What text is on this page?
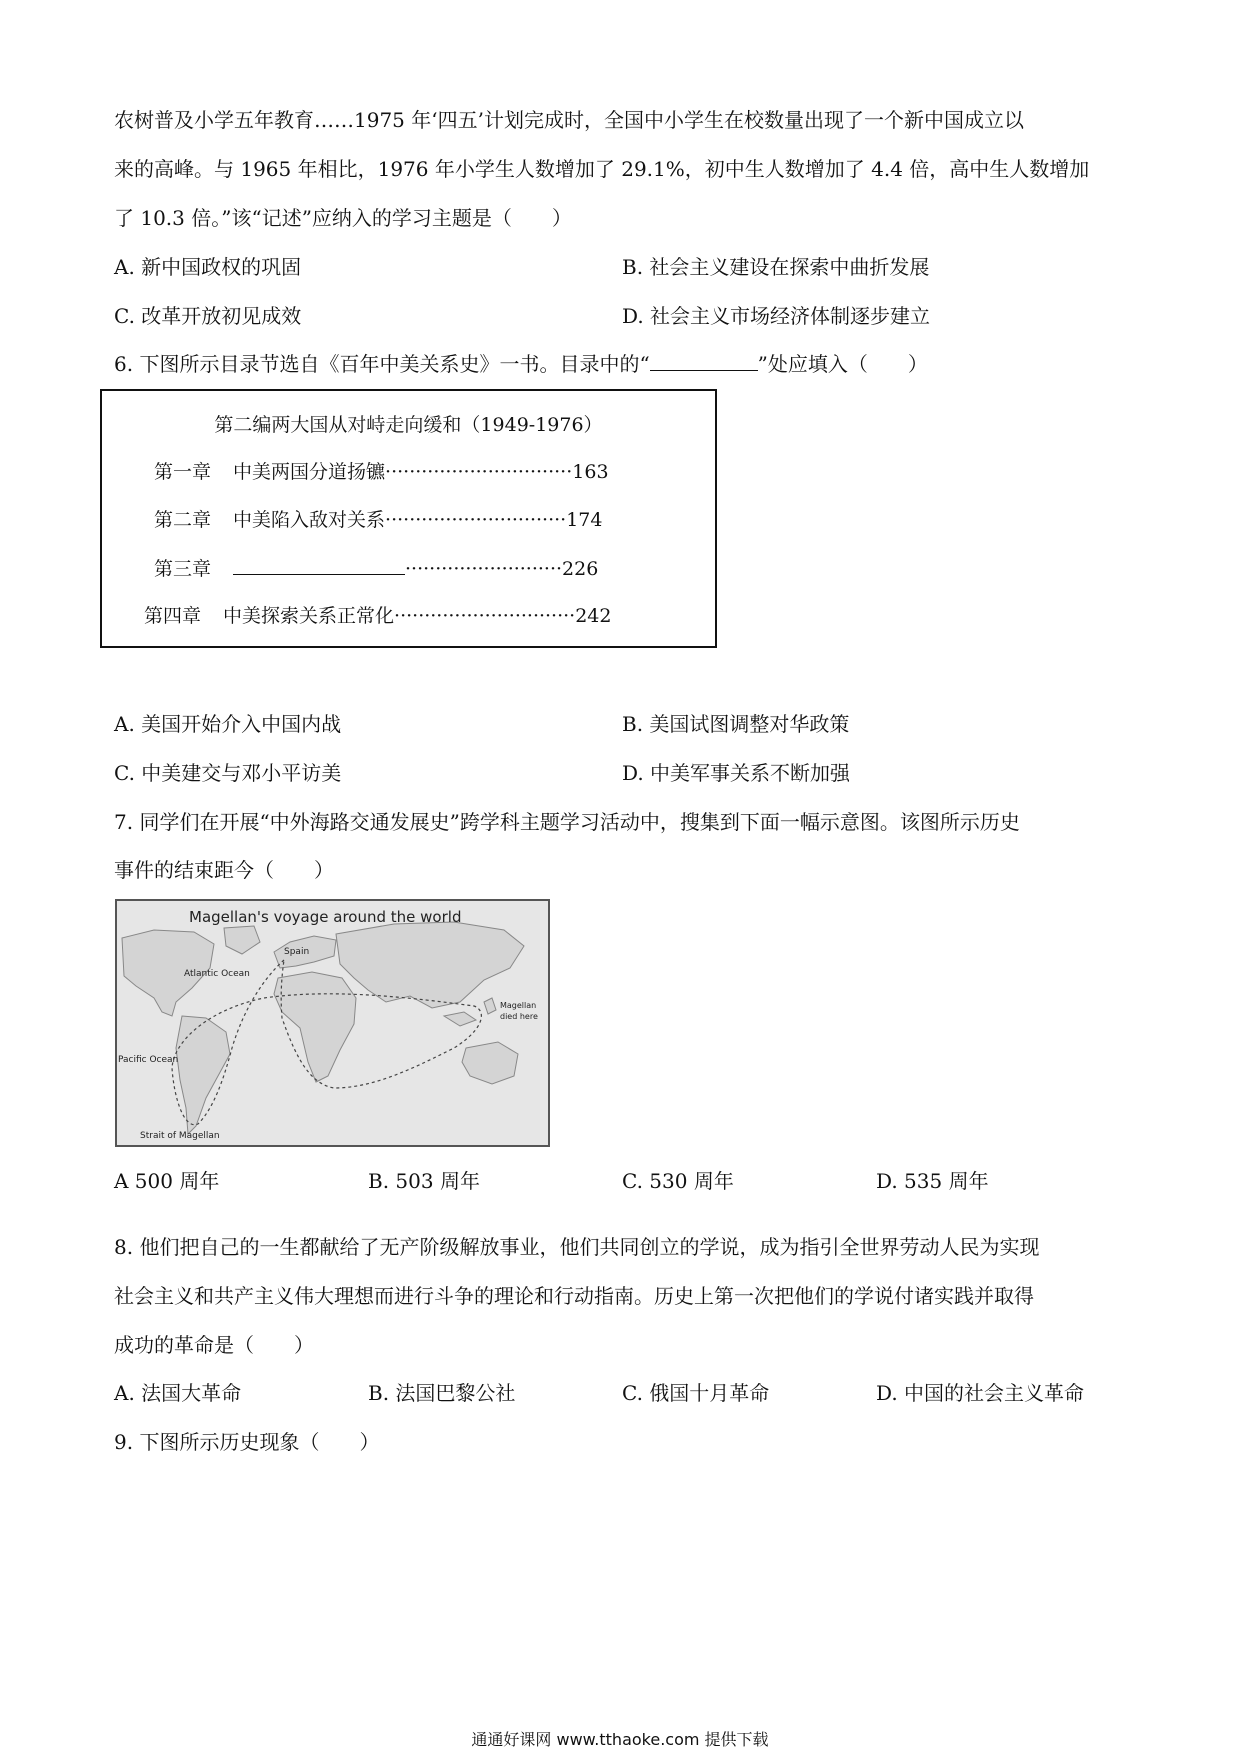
农树普及小学五年教育……1975 年‘四五’计划完成时，全国中小学生在校数量出现了一个新中国成立以
来的高峰。与 1965 年相比，1976 年小学生人数增加了 29.1%，初中生人数增加了 4.4 倍，高中生人数增加
了 10.3 倍。”该“记述”应纳入的学习主题是（　　）
A. 新中国政权的巩固	B. 社会主义建设在探索中曲折发展
C. 改革开放初见成效	D. 社会主义市场经济体制逐步建立
6. 下图所示目录节选自《百年中美关系史》一书。目录中的“	”处应填入（　　）
第二编两大国从对峙走向缓和（1949-1976）
第一章 中美两国分道扬镳·······························163
第二章 中美陷入敌对关系······························174
第三章	··························226
第四章 中美探索关系正常化······························242
A. 美国开始介入中国内战	B. 美国试图调整对华政策
C. 中美建交与邓小平访美	D. 中美军事关系不断加强
7. 同学们在开展“中外海路交通发展史”跨学科主题学习活动中，搜集到下面一幅示意图。该图所示历史
事件的结束距今（　　）
Magellan's voyage around the world
Spain
Atlantic Ocean
Pacific Ocean
Strait of Magellan
Magellan
died here
A 500 周年	B. 503 周年	C. 530 周年	D. 535 周年
8. 他们把自己的一生都献给了无产阶级解放事业，他们共同创立的学说，成为指引全世界劳动人民为实现
社会主义和共产主义伟大理想而进行斗争的理论和行动指南。历史上第一次把他们的学说付诸实践并取得
成功的革命是（　　）
A. 法国大革命	B. 法国巴黎公社	C. 俄国十月革命	D. 中国的社会主义革命
9. 下图所示历史现象（　　）
通通好课网 www.tthaoke.com 提供下载
